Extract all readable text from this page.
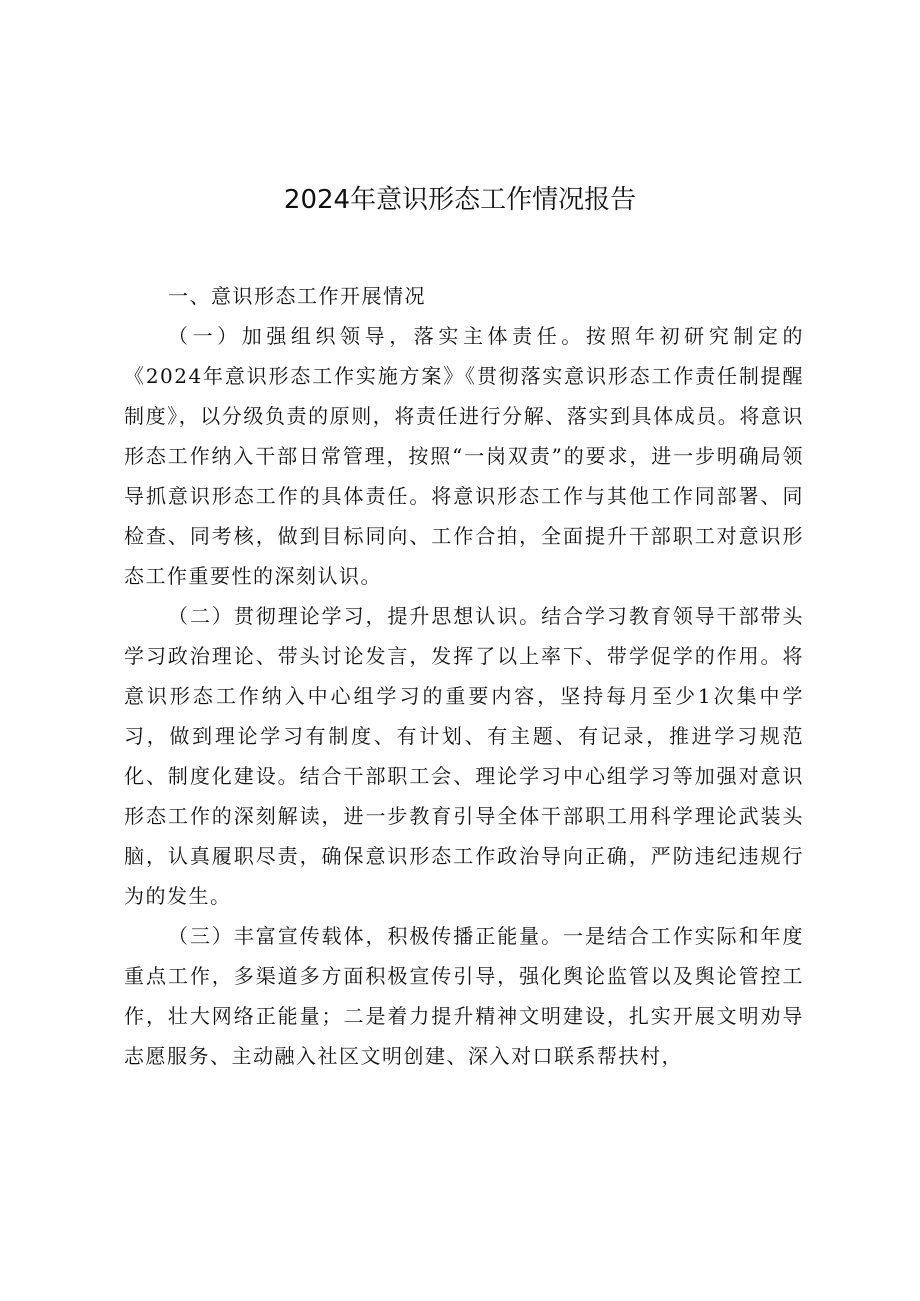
2024年意识形态工作情况报告

一、意识形态工作开展情况

（一）加强组织领导，落实主体责任。按照年初研究制定的《2024年意识形态工作实施方案》《贯彻落实意识形态工作责任制提醒制度》，以分级负责的原则，将责任进行分解、落实到具体成员。将意识形态工作纳入干部日常管理，按照“一岗双责”的要求，进一步明确局领导抓意识形态工作的具体责任。将意识形态工作与其他工作同部署、同检查、同考核，做到目标同向、工作合拍，全面提升干部职工对意识形态工作重要性的深刻认识。

（二）贯彻理论学习，提升思想认识。结合学习教育领导干部带头学习政治理论、带头讨论发言，发挥了以上率下、带学促学的作用。将意识形态工作纳入中心组学习的重要内容，坚持每月至少1次集中学习，做到理论学习有制度、有计划、有主题、有记录，推进学习规范化、制度化建设。结合干部职工会、理论学习中心组学习等加强对意识形态工作的深刻解读，进一步教育引导全体干部职工用科学理论武装头脑，认真履职尽责，确保意识形态工作政治导向正确，严防违纪违规行为的发生。

（三）丰富宣传载体，积极传播正能量。一是结合工作实际和年度重点工作，多渠道多方面积极宣传引导，强化舆论监管以及舆论管控工作，壮大网络正能量；二是着力提升精神文明建设，扎实开展文明劝导志愿服务、主动融入社区文明创建、深入对口联系帮扶村，
